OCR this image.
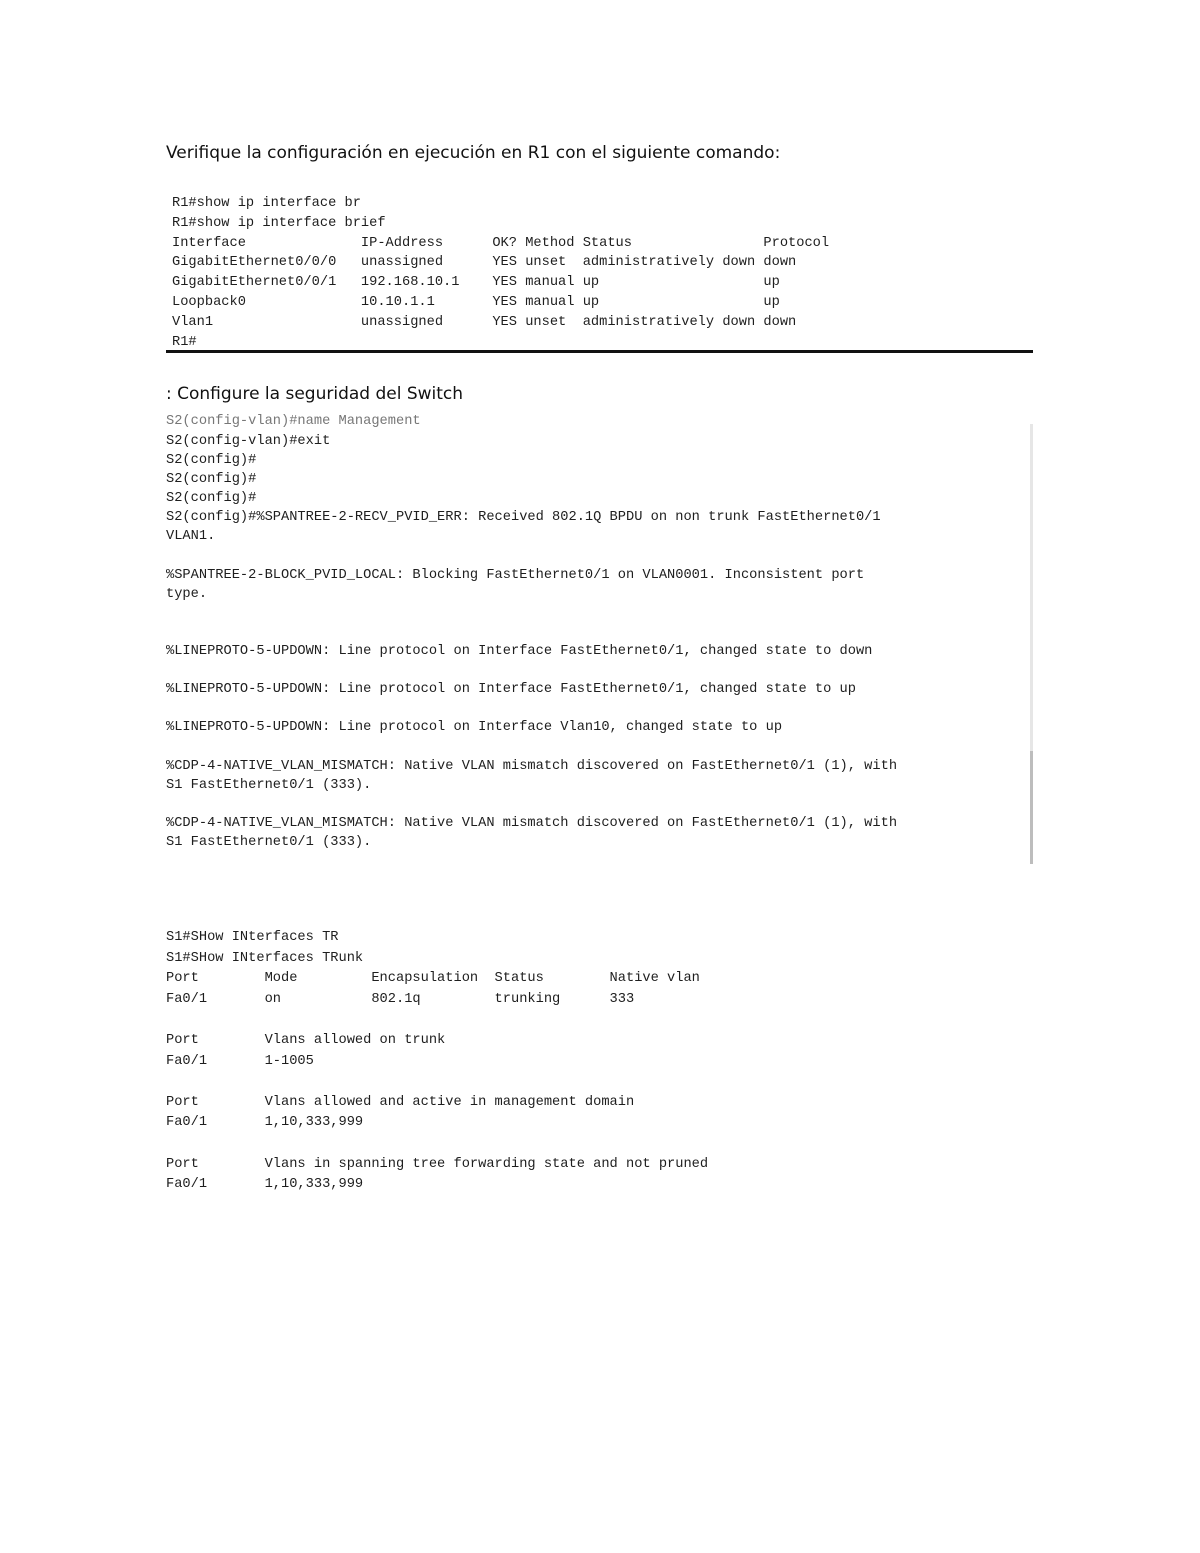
Verifique la configuración en ejecución en R1 con el siguiente comando:

R1#show ip interface br
R1#show ip interface brief
Interface              IP-Address      OK? Method Status                Protocol
GigabitEthernet0/0/0   unassigned      YES unset  administratively down down
GigabitEthernet0/0/1   192.168.10.1    YES manual up                    up
Loopback0              10.10.1.1       YES manual up                    up
Vlan1                  unassigned      YES unset  administratively down down
R1#

: Configure la seguridad del Switch

S2(config-vlan)#name Management
S2(config-vlan)#exit
S2(config)#
S2(config)#
S2(config)#
S2(config)#%SPANTREE-2-RECV_PVID_ERR: Received 802.1Q BPDU on non trunk FastEthernet0/1
VLAN1.
%SPANTREE-2-BLOCK_PVID_LOCAL: Blocking FastEthernet0/1 on VLAN0001. Inconsistent port
type.
%LINEPROTO-5-UPDOWN: Line protocol on Interface FastEthernet0/1, changed state to down
%LINEPROTO-5-UPDOWN: Line protocol on Interface FastEthernet0/1, changed state to up
%LINEPROTO-5-UPDOWN: Line protocol on Interface Vlan10, changed state to up
%CDP-4-NATIVE_VLAN_MISMATCH: Native VLAN mismatch discovered on FastEthernet0/1 (1), with
S1 FastEthernet0/1 (333).
%CDP-4-NATIVE_VLAN_MISMATCH: Native VLAN mismatch discovered on FastEthernet0/1 (1), with
S1 FastEthernet0/1 (333).
S1#SHow INterfaces TR
S1#SHow INterfaces TRunk
Port        Mode         Encapsulation  Status        Native vlan
Fa0/1       on           802.1q         trunking      333
Port        Vlans allowed on trunk
Fa0/1       1-1005
Port        Vlans allowed and active in management domain
Fa0/1       1,10,333,999
Port        Vlans in spanning tree forwarding state and not pruned
Fa0/1       1,10,333,999
